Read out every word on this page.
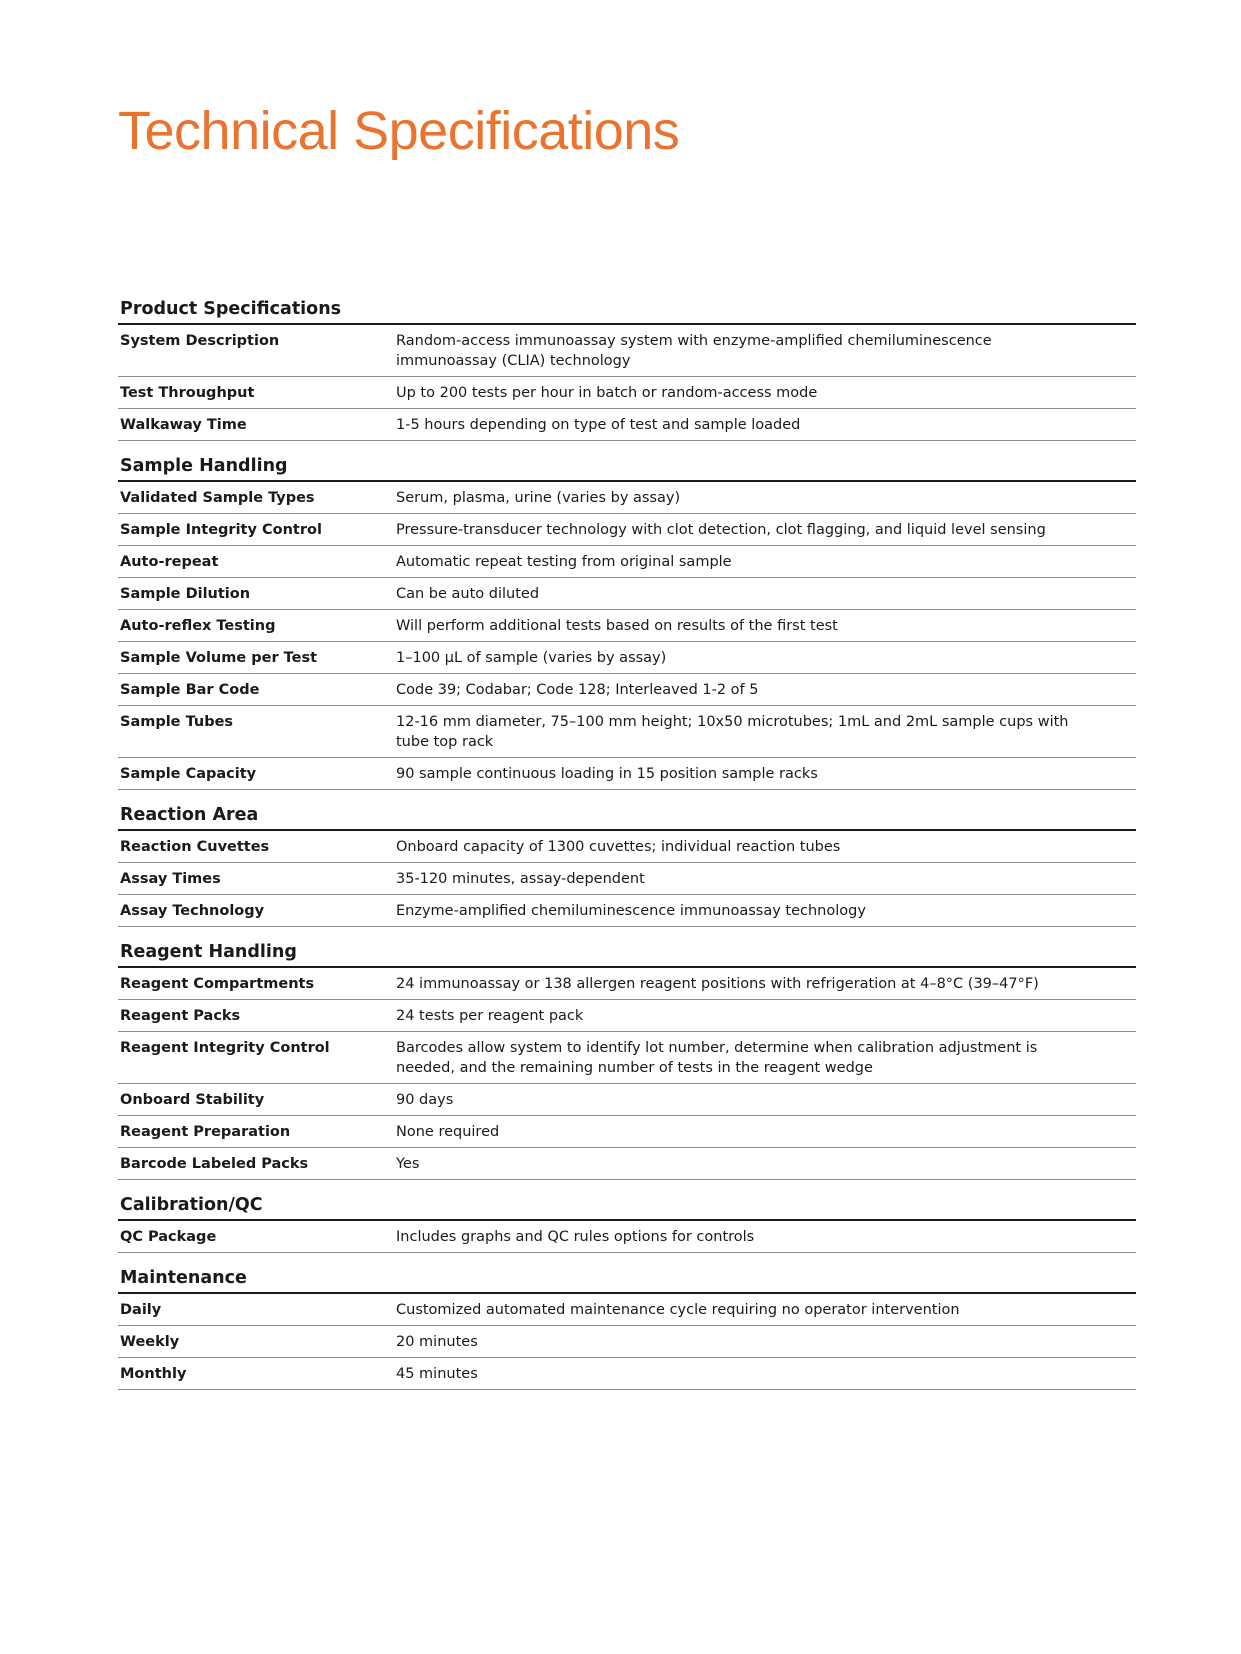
Technical Specifications
Product Specifications
System Description	Random-access immunoassay system with enzyme-amplified chemiluminescence immunoassay (CLIA) technology
Test Throughput	Up to 200 tests per hour in batch or random-access mode
Walkaway Time	1-5 hours depending on type of test and sample loaded
Sample Handling
Validated Sample Types	Serum, plasma, urine (varies by assay)
Sample Integrity Control	Pressure-transducer technology with clot detection, clot flagging, and liquid level sensing
Auto-repeat	Automatic repeat testing from original sample
Sample Dilution	Can be auto diluted
Auto-reflex Testing	Will perform additional tests based on results of the first test
Sample Volume per Test	1–100 µL of sample (varies by assay)
Sample Bar Code	Code 39; Codabar; Code 128; Interleaved 1-2 of 5
Sample Tubes	12-16 mm diameter, 75–100 mm height; 10x50 microtubes; 1mL and 2mL sample cups with tube top rack
Sample Capacity	90 sample continuous loading in 15 position sample racks
Reaction Area
Reaction Cuvettes	Onboard capacity of 1300 cuvettes; individual reaction tubes
Assay Times	35-120 minutes, assay-dependent
Assay Technology	Enzyme-amplified chemiluminescence immunoassay technology
Reagent Handling
Reagent Compartments	24 immunoassay or 138 allergen reagent positions with refrigeration at 4–8°C (39–47°F)
Reagent Packs	24 tests per reagent pack
Reagent Integrity Control	Barcodes allow system to identify lot number, determine when calibration adjustment is needed, and the remaining number of tests in the reagent wedge
Onboard Stability	90 days
Reagent Preparation	None required
Barcode Labeled Packs	Yes
Calibration/QC
QC Package	Includes graphs and QC rules options for controls
Maintenance
Daily	Customized automated maintenance cycle requiring no operator intervention
Weekly	20 minutes
Monthly	45 minutes
